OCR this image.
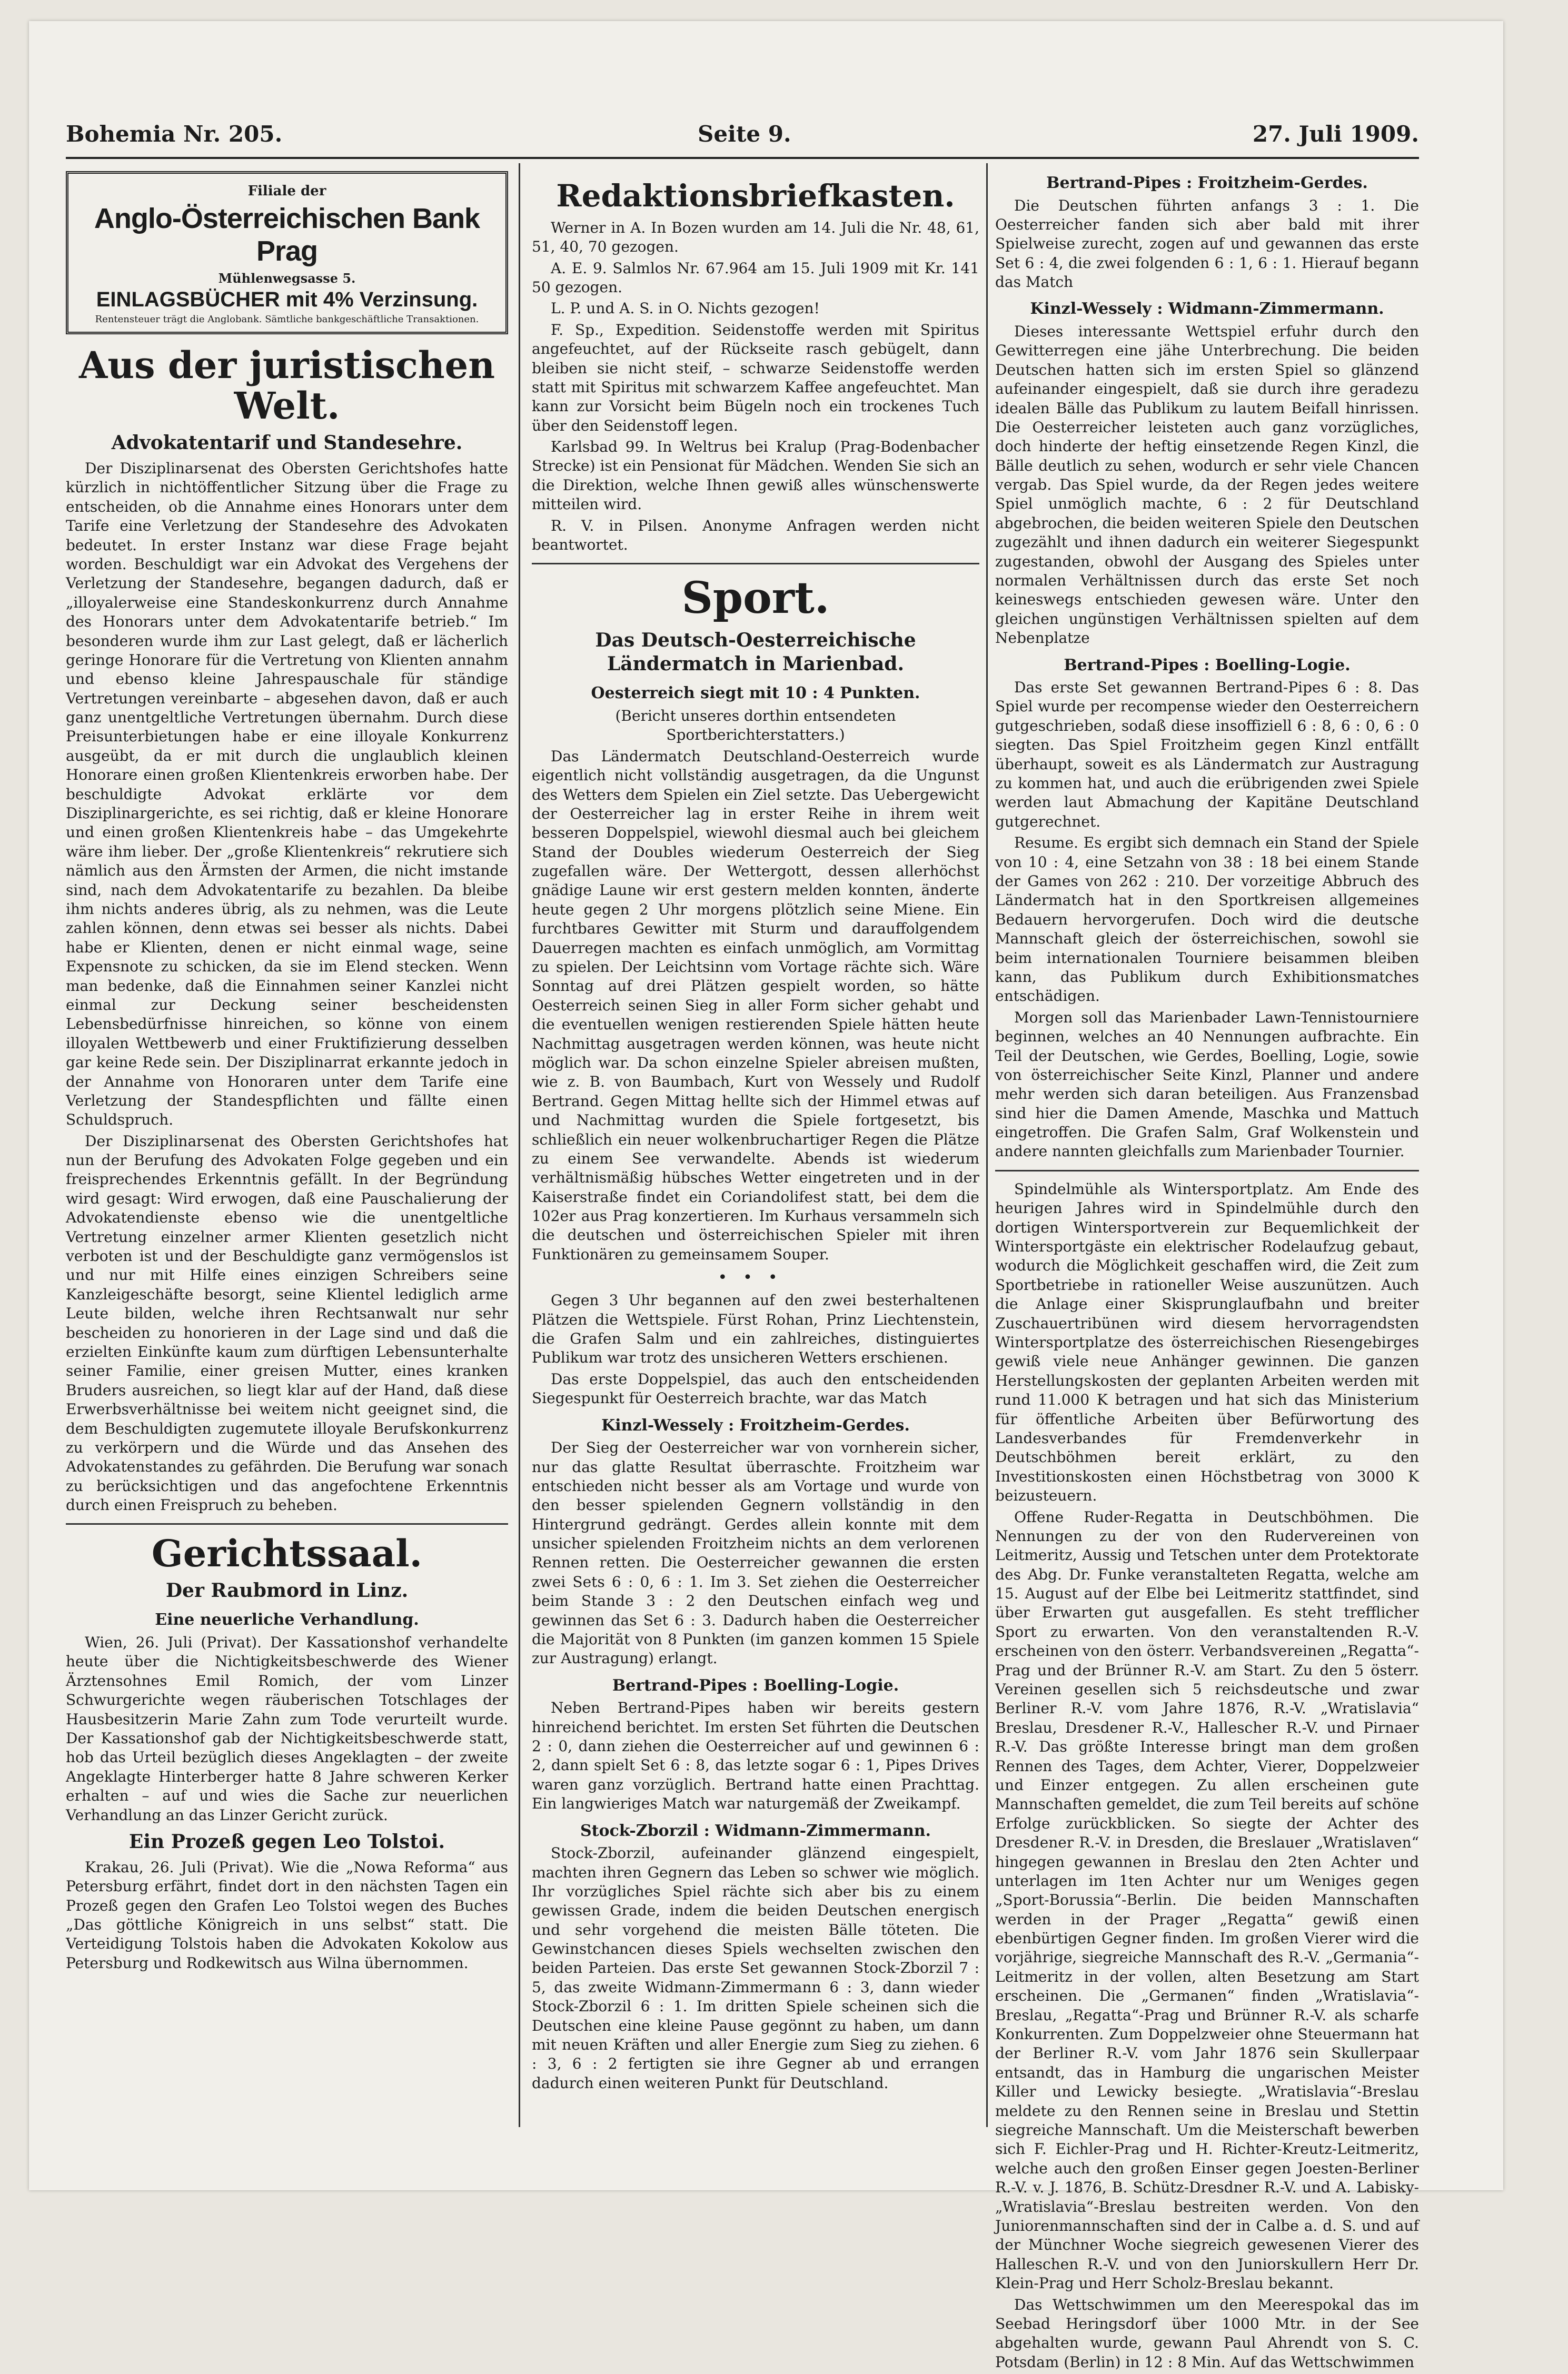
Bohemia Nr. 205.	Seite 9.	27. Juli 1909.
Filiale der
Anglo-Österreichischen Bank Prag
Mühlenwegsasse 5.
EINLAGSBÜCHER mit 4% Verzinsung.
Rentensteuer trägt die Anglobank. Sämtliche bankgeschäftliche Transaktionen.
Aus der juristischen Welt.
Advokatentarif und Standesehre.

Der Disziplinarsenat des Obersten Gerichtshofes hatte kürzlich in nichtöffentlicher Sitzung über die Frage zu entscheiden, ob die Annahme eines Honorars unter dem Tarife eine Verletzung der Standesehre des Advokaten bedeutet. In erster Instanz war diese Frage bejaht worden. Beschuldigt war ein Advokat des Vergehens der Verletzung der Standesehre, begangen dadurch, daß er „illoyalerweise eine Standeskonkurrenz durch Annahme des Honorars unter dem Advokatentarife betrieb.“ Im besonderen wurde ihm zur Last gelegt, daß er lächerlich geringe Honorare für die Vertretung von Klienten annahm und ebenso kleine Jahrespauschale für ständige Vertretungen vereinbarte – abgesehen davon, daß er auch ganz unentgeltliche Vertretungen übernahm. Durch diese Preisunterbietungen habe er eine illoyale Konkurrenz ausgeübt, da er mit durch die unglaublich kleinen Honorare einen großen Klientenkreis erworben habe. Der beschuldigte Advokat erklärte vor dem Disziplinargerichte, es sei richtig, daß er kleine Honorare und einen großen Klientenkreis habe – das Umgekehrte wäre ihm lieber. Der „große Klientenkreis“ rekrutiere sich nämlich aus den Ärmsten der Armen, die nicht imstande sind, nach dem Advokatentarife zu bezahlen. Da bleibe ihm nichts anderes übrig, als zu nehmen, was die Leute zahlen können, denn etwas sei besser als nichts. Dabei habe er Klienten, denen er nicht einmal wage, seine Expensnote zu schicken, da sie im Elend stecken. Wenn man bedenke, daß die Einnahmen seiner Kanzlei nicht einmal zur Deckung seiner bescheidensten Lebensbedürfnisse hinreichen, so könne von einem illoyalen Wettbewerb und einer Fruktifizierung desselben gar keine Rede sein. Der Disziplinarrat erkannte jedoch in der Annahme von Honoraren unter dem Tarife eine Verletzung der Standespflichten und fällte einen Schuldspruch.

Der Disziplinarsenat des Obersten Gerichtshofes hat nun der Berufung des Advokaten Folge gegeben und ein freisprechendes Erkenntnis gefällt. In der Begründung wird gesagt: Wird erwogen, daß eine Pauschalierung der Advokatendienste ebenso wie die unentgeltliche Vertretung einzelner armer Klienten gesetzlich nicht verboten ist und der Beschuldigte ganz vermögenslos ist und nur mit Hilfe eines einzigen Schreibers seine Kanzleigeschäfte besorgt, seine Klientel lediglich arme Leute bilden, welche ihren Rechtsanwalt nur sehr bescheiden zu honorieren in der Lage sind und daß die erzielten Einkünfte kaum zum dürftigen Lebensunterhalte seiner Familie, einer greisen Mutter, eines kranken Bruders ausreichen, so liegt klar auf der Hand, daß diese Erwerbsverhältnisse bei weitem nicht geeignet sind, die dem Beschuldigten zugemutete illoyale Berufskonkurrenz zu verkörpern und die Würde und das Ansehen des Advokatenstandes zu gefährden. Die Berufung war sonach zu berücksichtigen und das angefochtene Erkenntnis durch einen Freispruch zu beheben.

Gerichtssaal.
Der Raubmord in Linz.
Eine neuerliche Verhandlung.

Wien, 26. Juli (Privat). Der Kassationshof verhandelte heute über die Nichtigkeitsbeschwerde des Wiener Ärztensohnes Emil Romich, der vom Linzer Schwurgerichte wegen räuberischen Totschlages der Hausbesitzerin Marie Zahn zum Tode verurteilt wurde. Der Kassationshof gab der Nichtigkeitsbeschwerde statt, hob das Urteil bezüglich dieses Angeklagten – der zweite Angeklagte Hinterberger hatte 8 Jahre schweren Kerker erhalten – auf und wies die Sache zur neuerlichen Verhandlung an das Linzer Gericht zurück.

Ein Prozeß gegen Leo Tolstoi.

Krakau, 26. Juli (Privat). Wie die „Nowa Reforma“ aus Petersburg erfährt, findet dort in den nächsten Tagen ein Prozeß gegen den Grafen Leo Tolstoi wegen des Buches „Das göttliche Königreich in uns selbst“ statt. Die Verteidigung Tolstois haben die Advokaten Kokolow aus Petersburg und Rodkewitsch aus Wilna übernommen.

Redaktionsbriefkasten.

Werner in A. In Bozen wurden am 14. Juli die Nr. 48, 61, 51, 40, 70 gezogen.

A. E. 9. Salmlos Nr. 67.964 am 15. Juli 1909 mit Kr. 141 50 gezogen.

L. P. und A. S. in O. Nichts gezogen!

F. Sp., Expedition. Seidenstoffe werden mit Spiritus angefeuchtet, auf der Rückseite rasch gebügelt, dann bleiben sie nicht steif, – schwarze Seidenstoffe werden statt mit Spiritus mit schwarzem Kaffee angefeuchtet. Man kann zur Vorsicht beim Bügeln noch ein trockenes Tuch über den Seidenstoff legen.

Karlsbad 99. In Weltrus bei Kralup (Prag-Bodenbacher Strecke) ist ein Pensionat für Mädchen. Wenden Sie sich an die Direktion, welche Ihnen gewiß alles wünschenswerte mitteilen wird.

R. V. in Pilsen. Anonyme Anfragen werden nicht beantwortet.

Sport.
Das Deutsch-Oesterreichische Ländermatch in Marienbad.
Oesterreich siegt mit 10 : 4 Punkten.

(Bericht unseres dorthin entsendeten Sportberichterstatters.)

Das Ländermatch Deutschland-Oesterreich wurde eigentlich nicht vollständig ausgetragen, da die Ungunst des Wetters dem Spielen ein Ziel setzte. Das Uebergewicht der Oesterreicher lag in erster Reihe in ihrem weit besseren Doppelspiel, wiewohl diesmal auch bei gleichem Stand der Doubles wiederum Oesterreich der Sieg zugefallen wäre. Der Wettergott, dessen allerhöchst gnädige Laune wir erst gestern melden konnten, änderte heute gegen 2 Uhr morgens plötzlich seine Miene. Ein furchtbares Gewitter mit Sturm und darauffolgendem Dauerregen machten es einfach unmöglich, am Vormittag zu spielen. Der Leichtsinn vom Vortage rächte sich. Wäre Sonntag auf drei Plätzen gespielt worden, so hätte Oesterreich seinen Sieg in aller Form sicher gehabt und die eventuellen wenigen restierenden Spiele hätten heute Nachmittag ausgetragen werden können, was heute nicht möglich war. Da schon einzelne Spieler abreisen mußten, wie z. B. von Baumbach, Kurt von Wessely und Rudolf Bertrand. Gegen Mittag hellte sich der Himmel etwas auf und Nachmittag wurden die Spiele fortgesetzt, bis schließlich ein neuer wolkenbruchartiger Regen die Plätze zu einem See verwandelte. Abends ist wiederum verhältnismäßig hübsches Wetter eingetreten und in der Kaiserstraße findet ein Coriandolifest statt, bei dem die 102er aus Prag konzertieren. Im Kurhaus versammeln sich die deutschen und österreichischen Spieler mit ihren Funktionären zu gemeinsamem Souper.

•••

Gegen 3 Uhr begannen auf den zwei besterhaltenen Plätzen die Wettspiele. Fürst Rohan, Prinz Liechtenstein, die Grafen Salm und ein zahlreiches, distinguiertes Publikum war trotz des unsicheren Wetters erschienen.

Das erste Doppelspiel, das auch den entscheidenden Siegespunkt für Oesterreich brachte, war das Match

Kinzl-Wessely : Froitzheim-Gerdes.

Der Sieg der Oesterreicher war von vornherein sicher, nur das glatte Resultat überraschte. Froitzheim war entschieden nicht besser als am Vortage und wurde von den besser spielenden Gegnern vollständig in den Hintergrund gedrängt. Gerdes allein konnte mit dem unsicher spielenden Froitzheim nichts an dem verlorenen Rennen retten. Die Oesterreicher gewannen die ersten zwei Sets 6 : 0, 6 : 1. Im 3. Set ziehen die Oesterreicher beim Stande 3 : 2 den Deutschen einfach weg und gewinnen das Set 6 : 3. Dadurch haben die Oesterreicher die Majorität von 8 Punkten (im ganzen kommen 15 Spiele zur Austragung) erlangt.

Bertrand-Pipes : Boelling-Logie.

Neben Bertrand-Pipes haben wir bereits gestern hinreichend berichtet. Im ersten Set führten die Deutschen 2 : 0, dann ziehen die Oesterreicher auf und gewinnen 6 : 2, dann spielt Set 6 : 8, das letzte sogar 6 : 1, Pipes Drives waren ganz vorzüglich. Bertrand hatte einen Prachttag. Ein langwieriges Match war naturgemäß der Zweikampf.

Stock-Zborzil : Widmann-Zimmermann.

Stock-Zborzil, aufeinander glänzend eingespielt, machten ihren Gegnern das Leben so schwer wie möglich. Ihr vorzügliches Spiel rächte sich aber bis zu einem gewissen Grade, indem die beiden Deutschen energisch und sehr vorgehend die meisten Bälle töteten. Die Gewinstchancen dieses Spiels wechselten zwischen den beiden Parteien. Das erste Set gewannen Stock-Zborzil 7 : 5, das zweite Widmann-Zimmermann 6 : 3, dann wieder Stock-Zborzil 6 : 1. Im dritten Spiele scheinen sich die Deutschen eine kleine Pause gegönnt zu haben, um dann mit neuen Kräften und aller Energie zum Sieg zu ziehen. 6 : 3, 6 : 2 fertigten sie ihre Gegner ab und errangen dadurch einen weiteren Punkt für Deutschland.

Bertrand-Pipes : Froitzheim-Gerdes.

Die Deutschen führten anfangs 3 : 1. Die Oesterreicher fanden sich aber bald mit ihrer Spielweise zurecht, zogen auf und gewannen das erste Set 6 : 4, die zwei folgenden 6 : 1, 6 : 1. Hierauf begann das Match

Kinzl-Wessely : Widmann-Zimmermann.

Dieses interessante Wettspiel erfuhr durch den Gewitterregen eine jähe Unterbrechung. Die beiden Deutschen hatten sich im ersten Spiel so glänzend aufeinander eingespielt, daß sie durch ihre geradezu idealen Bälle das Publikum zu lautem Beifall hinrissen. Die Oesterreicher leisteten auch ganz vorzügliches, doch hinderte der heftig einsetzende Regen Kinzl, die Bälle deutlich zu sehen, wodurch er sehr viele Chancen vergab. Das Spiel wurde, da der Regen jedes weitere Spiel unmöglich machte, 6 : 2 für Deutschland abgebrochen, die beiden weiteren Spiele den Deutschen zugezählt und ihnen dadurch ein weiterer Siegespunkt zugestanden, obwohl der Ausgang des Spieles unter normalen Verhältnissen durch das erste Set noch keineswegs entschieden gewesen wäre. Unter den gleichen ungünstigen Verhältnissen spielten auf dem Nebenplatze

Bertrand-Pipes : Boelling-Logie.

Das erste Set gewannen Bertrand-Pipes 6 : 8. Das Spiel wurde per recompense wieder den Oesterreichern gutgeschrieben, sodaß diese insoffiziell 6 : 8, 6 : 0, 6 : 0 siegten. Das Spiel Froitzheim gegen Kinzl entfällt überhaupt, soweit es als Ländermatch zur Austragung zu kommen hat, und auch die erübrigenden zwei Spiele werden laut Abmachung der Kapitäne Deutschland gutgerechnet.

Resume. Es ergibt sich demnach ein Stand der Spiele von 10 : 4, eine Setzahn von 38 : 18 bei einem Stande der Games von 262 : 210. Der vorzeitige Abbruch des Ländermatch hat in den Sportkreisen allgemeines Bedauern hervorgerufen. Doch wird die deutsche Mannschaft gleich der österreichischen, sowohl sie beim internationalen Tourniere beisammen bleiben kann, das Publikum durch Exhibitionsmatches entschädigen.

Morgen soll das Marienbader Lawn-Tennistourniere beginnen, welches an 40 Nennungen aufbrachte. Ein Teil der Deutschen, wie Gerdes, Boelling, Logie, sowie von österreichischer Seite Kinzl, Planner und andere mehr werden sich daran beteiligen. Aus Franzensbad sind hier die Damen Amende, Maschka und Mattuch eingetroffen. Die Grafen Salm, Graf Wolkenstein und andere nannten gleichfalls zum Marienbader Tournier.

Spindelmühle als Wintersportplatz. Am Ende des heurigen Jahres wird in Spindelmühle durch den dortigen Wintersportverein zur Bequemlichkeit der Wintersportgäste ein elektrischer Rodelaufzug gebaut, wodurch die Möglichkeit geschaffen wird, die Zeit zum Sportbetriebe in rationeller Weise auszunützen. Auch die Anlage einer Skisprunglaufbahn und breiter Zuschauertribünen wird diesem hervorragendsten Wintersportplatze des österreichischen Riesengebirges gewiß viele neue Anhänger gewinnen. Die ganzen Herstellungskosten der geplanten Arbeiten werden mit rund 11.000 K betragen und hat sich das Ministerium für öffentliche Arbeiten über Befürwortung des Landesverbandes für Fremdenverkehr in Deutschböhmen bereit erklärt, zu den Investitionskosten einen Höchstbetrag von 3000 K beizusteuern.

Offene Ruder-Regatta in Deutschböhmen. Die Nennungen zu der von den Rudervereinen von Leitmeritz, Aussig und Tetschen unter dem Protektorate des Abg. Dr. Funke veranstalteten Regatta, welche am 15. August auf der Elbe bei Leitmeritz stattfindet, sind über Erwarten gut ausgefallen. Es steht trefflicher Sport zu erwarten. Von den veranstaltenden R.-V. erscheinen von den österr. Verbandsvereinen „Regatta“-Prag und der Brünner R.-V. am Start. Zu den 5 österr. Vereinen gesellen sich 5 reichsdeutsche und zwar Berliner R.-V. vom Jahre 1876, R.-V. „Wratislavia“ Breslau, Dresdener R.-V., Hallescher R.-V. und Pirnaer R.-V. Das größte Interesse bringt man dem großen Rennen des Tages, dem Achter, Vierer, Doppelzweier und Einzer entgegen. Zu allen erscheinen gute Mannschaften gemeldet, die zum Teil bereits auf schöne Erfolge zurückblicken. So siegte der Achter des Dresdener R.-V. in Dresden, die Breslauer „Wratislaven“ hingegen gewannen in Breslau den 2ten Achter und unterlagen im 1ten Achter nur um Weniges gegen „Sport-Borussia“-Berlin. Die beiden Mannschaften werden in der Prager „Regatta“ gewiß einen ebenbürtigen Gegner finden. Im großen Vierer wird die vorjährige, siegreiche Mannschaft des R.-V. „Germania“-Leitmeritz in der vollen, alten Besetzung am Start erscheinen. Die „Germanen“ finden „Wratislavia“-Breslau, „Regatta“-Prag und Brünner R.-V. als scharfe Konkurrenten. Zum Doppelzweier ohne Steuermann hat der Berliner R.-V. vom Jahr 1876 sein Skullerpaar entsandt, das in Hamburg die ungarischen Meister Killer und Lewicky besiegte. „Wratislavia“-Breslau meldete zu den Rennen seine in Breslau und Stettin siegreiche Mannschaft. Um die Meisterschaft bewerben sich F. Eichler-Prag und H. Richter-Kreutz-Leitmeritz, welche auch den großen Einser gegen Joesten-Berliner R.-V. v. J. 1876, B. Schütz-Dresdner R.-V. und A. Labisky-„Wratislavia“-Breslau bestreiten werden. Von den Juniorenmannschaften sind der in Calbe a. d. S. und auf der Münchner Woche siegreich gewesenen Vierer des Halleschen R.-V. und von den Juniorskullern Herr Dr. Klein-Prag und Herr Scholz-Breslau bekannt.

Das Wettschwimmen um den Meerespokal das im Seebad Heringsdorf über 1000 Mtr. in der See abgehalten wurde, gewann Paul Ahrendt von S. C. Potsdam (Berlin) in 12 : 8 Min. Auf das Wettschwimmen
